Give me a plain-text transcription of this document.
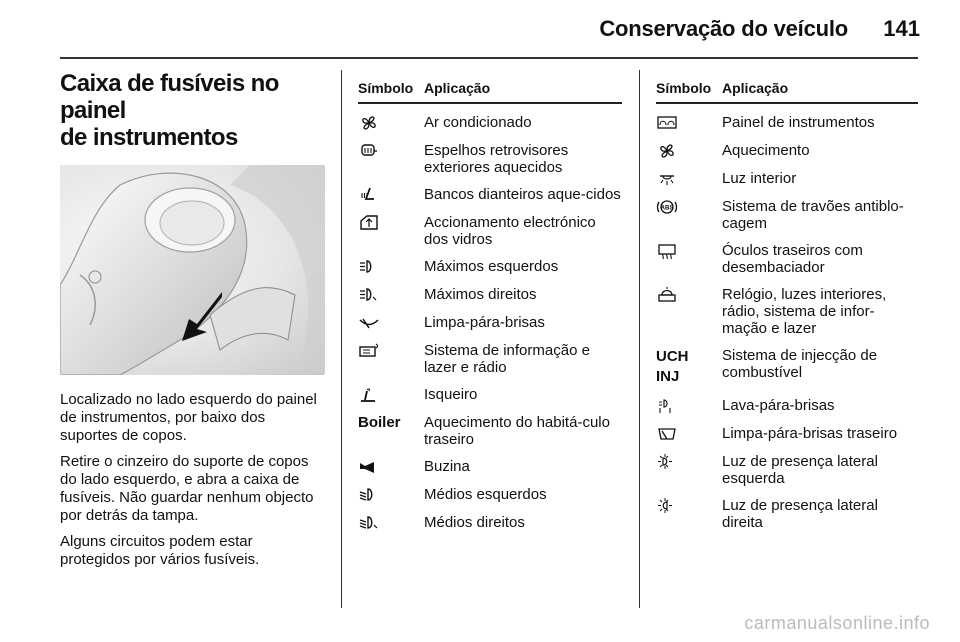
Conservação do veículo 141
Caixa de fusíveis no painel
de instrumentos

Localizado no lado esquerdo do painel de instrumentos, por baixo dos suportes de copos.

Retire o cinzeiro do suporte de copos do lado esquerdo, e abra a caixa de fusíveis. Não guardar nenhum objecto por detrás da tampa.

Alguns circuitos podem estar protegidos por vários fusíveis.

Símbolo Aplicação
Ar condicionado
Espelhos retrovisores exteriores aquecidos
Bancos dianteiros aque-cidos
Accionamento electrónico dos vidros
Máximos esquerdos
Máximos direitos
Limpa-pára-brisas
Sistema de informação e lazer e rádio
Isqueiro
Boiler Aquecimento do habitá-culo traseiro
Buzina
Médios esquerdos
Médios direitos
Símbolo Aplicação
Painel de instrumentos
Aquecimento
Luz interior
ABS	Sistema de travões antiblo-cagem
Óculos traseiros com desembaciador
Relógio, luzes interiores, rádio, sistema de infor-mação e lazer
UCH
INJ
Sistema de injecção de combustível
Lava-pára-brisas
Limpa-pára-brisas traseiro
Luz de presença lateral esquerda
Luz de presença lateral direita
carmanualsonline.info
